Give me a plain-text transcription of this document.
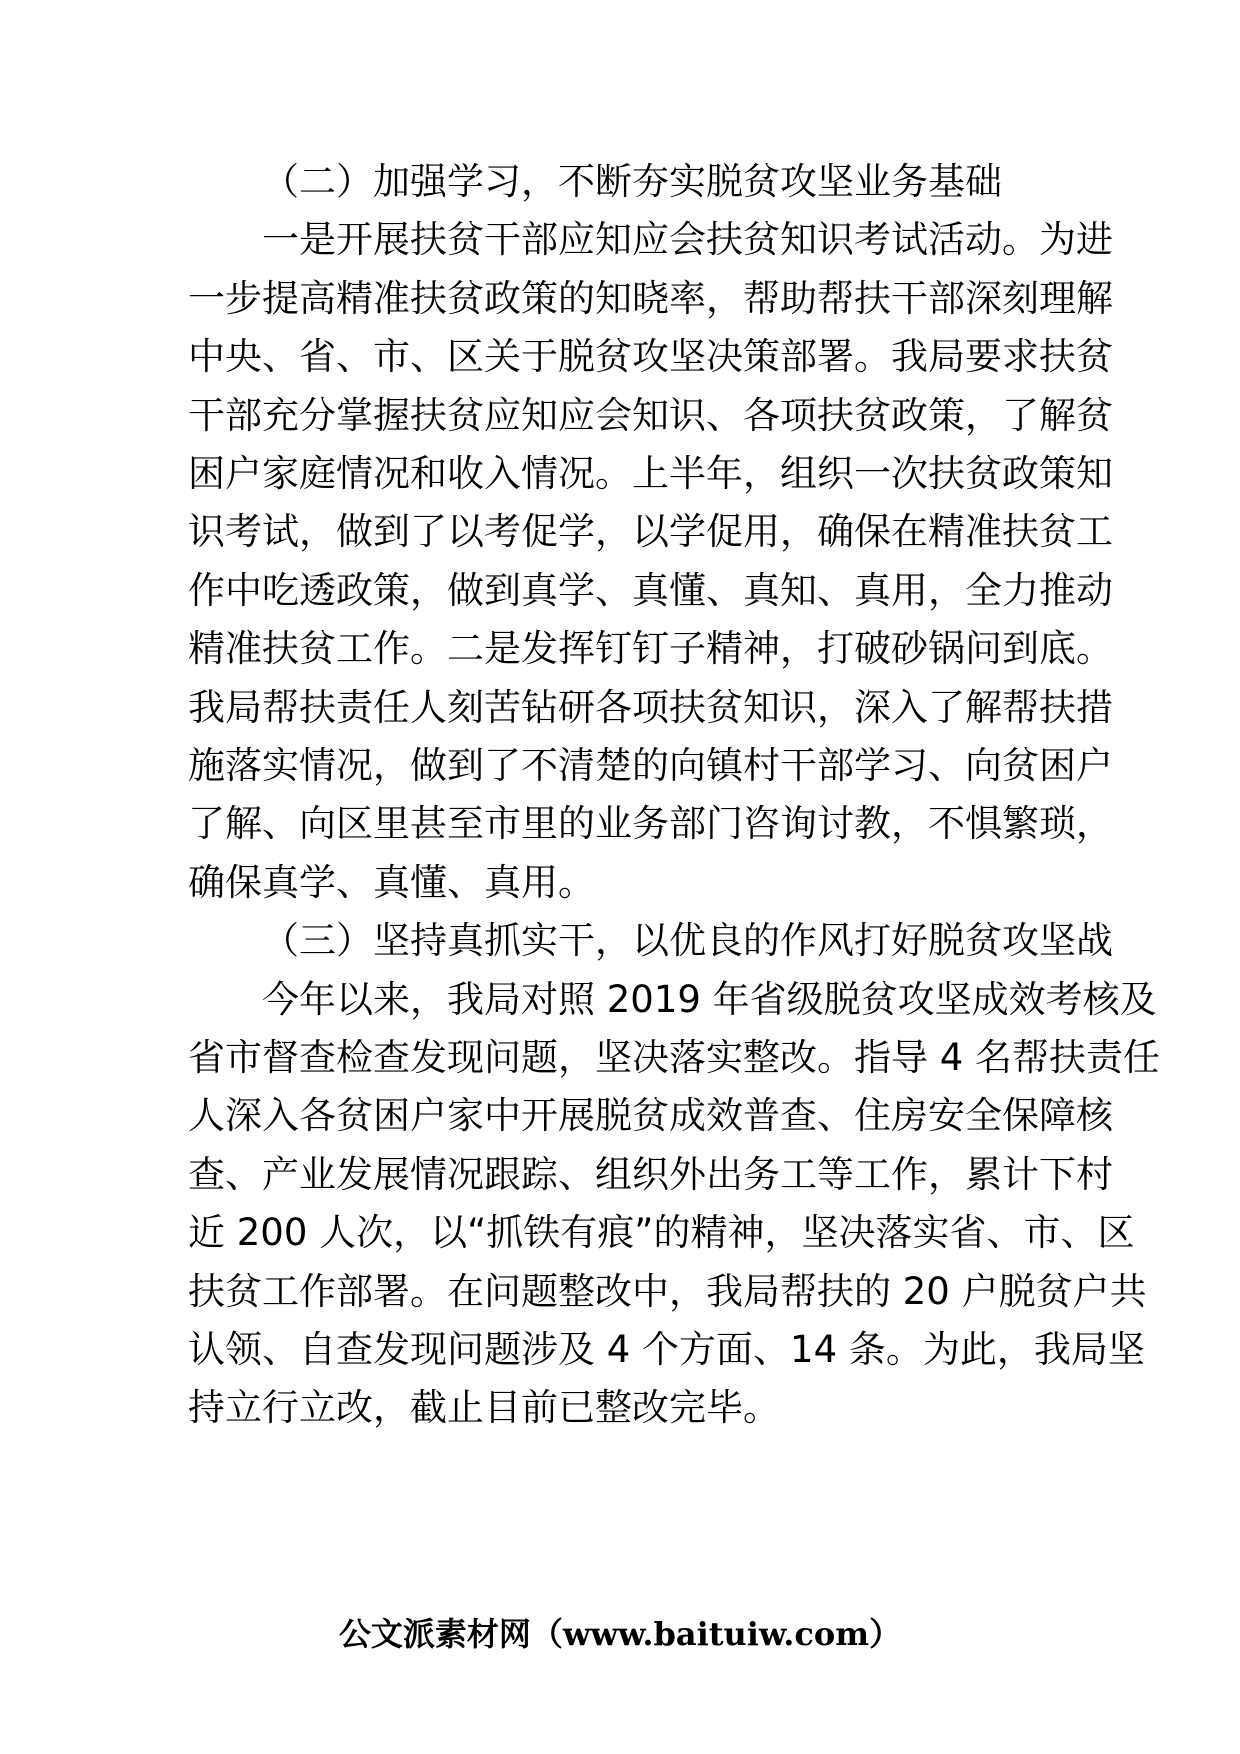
（二）加强学习，不断夯实脱贫攻坚业务基础
一是开展扶贫干部应知应会扶贫知识考试活动。为进
一步提高精准扶贫政策的知晓率，帮助帮扶干部深刻理解
中央、省、市、区关于脱贫攻坚决策部署。我局要求扶贫
干部充分掌握扶贫应知应会知识、各项扶贫政策，了解贫
困户家庭情况和收入情况。上半年，组织一次扶贫政策知
识考试，做到了以考促学，以学促用，确保在精准扶贫工
作中吃透政策，做到真学、真懂、真知、真用，全力推动
精准扶贫工作。二是发挥钉钉子精神，打破砂锅问到底。
我局帮扶责任人刻苦钻研各项扶贫知识，深入了解帮扶措
施落实情况，做到了不清楚的向镇村干部学习、向贫困户
了解、向区里甚至市里的业务部门咨询讨教，不惧繁琐，
确保真学、真懂、真用。
（三）坚持真抓实干，以优良的作风打好脱贫攻坚战
今年以来，我局对照 2019 年省级脱贫攻坚成效考核及
省市督查检查发现问题，坚决落实整改。指导 4 名帮扶责任
人深入各贫困户家中开展脱贫成效普查、住房安全保障核
查、产业发展情况跟踪、组织外出务工等工作，累计下村
近 200 人次，以“抓铁有痕”的精神，坚决落实省、市、区
扶贫工作部署。在问题整改中，我局帮扶的 20 户脱贫户共
认领、自查发现问题涉及 4 个方面、14 条。为此，我局坚
持立行立改，截止目前已整改完毕。
公文派素材网（www.baituiw.com）
